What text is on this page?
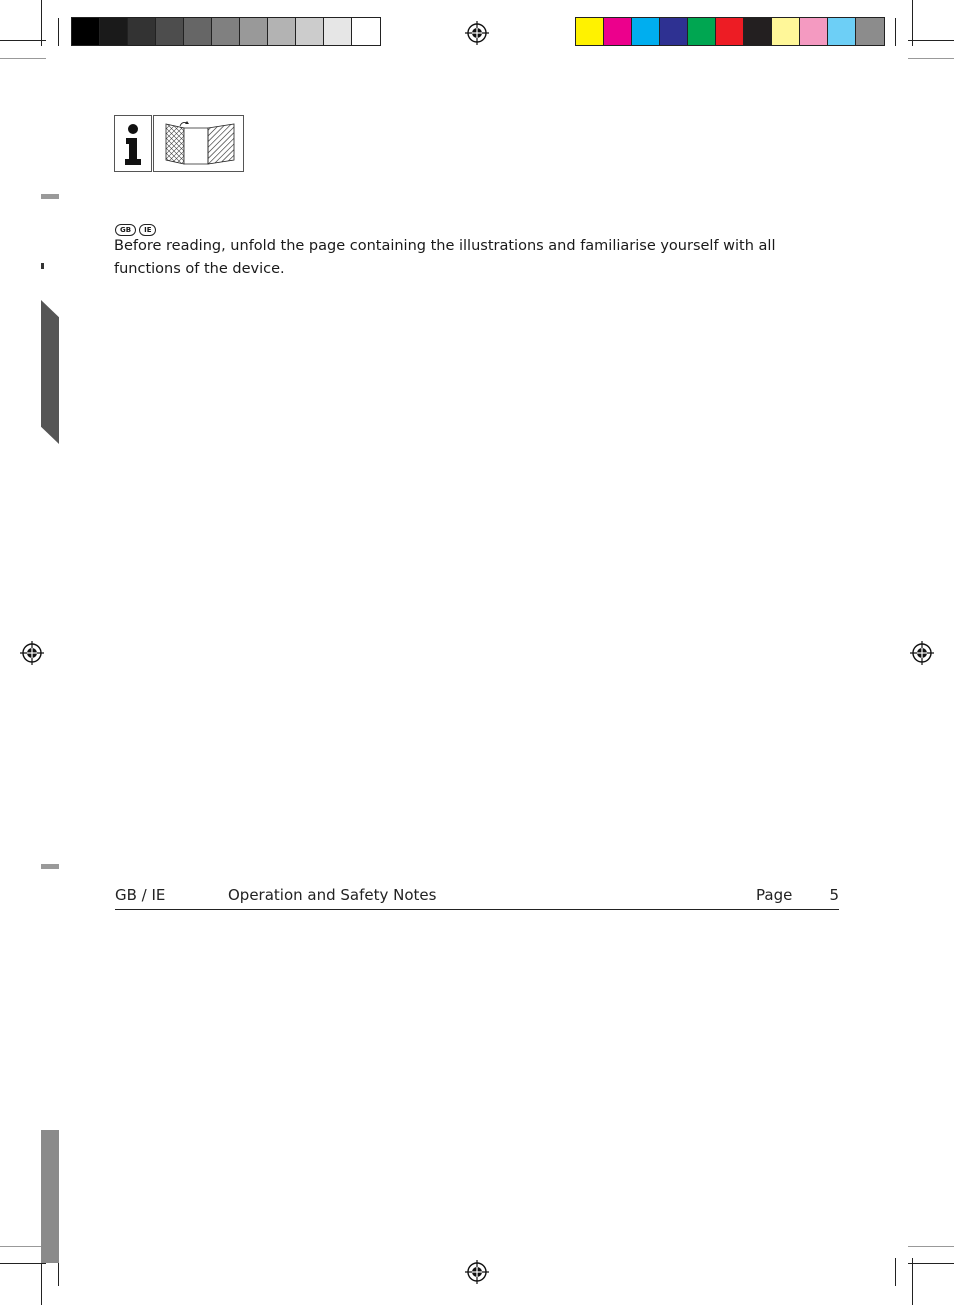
GB IE
Before reading, unfold the page containing the illustrations and familiarise yourself with all functions of the device.
GB / IE	Operation and Safety Notes	Page 5
